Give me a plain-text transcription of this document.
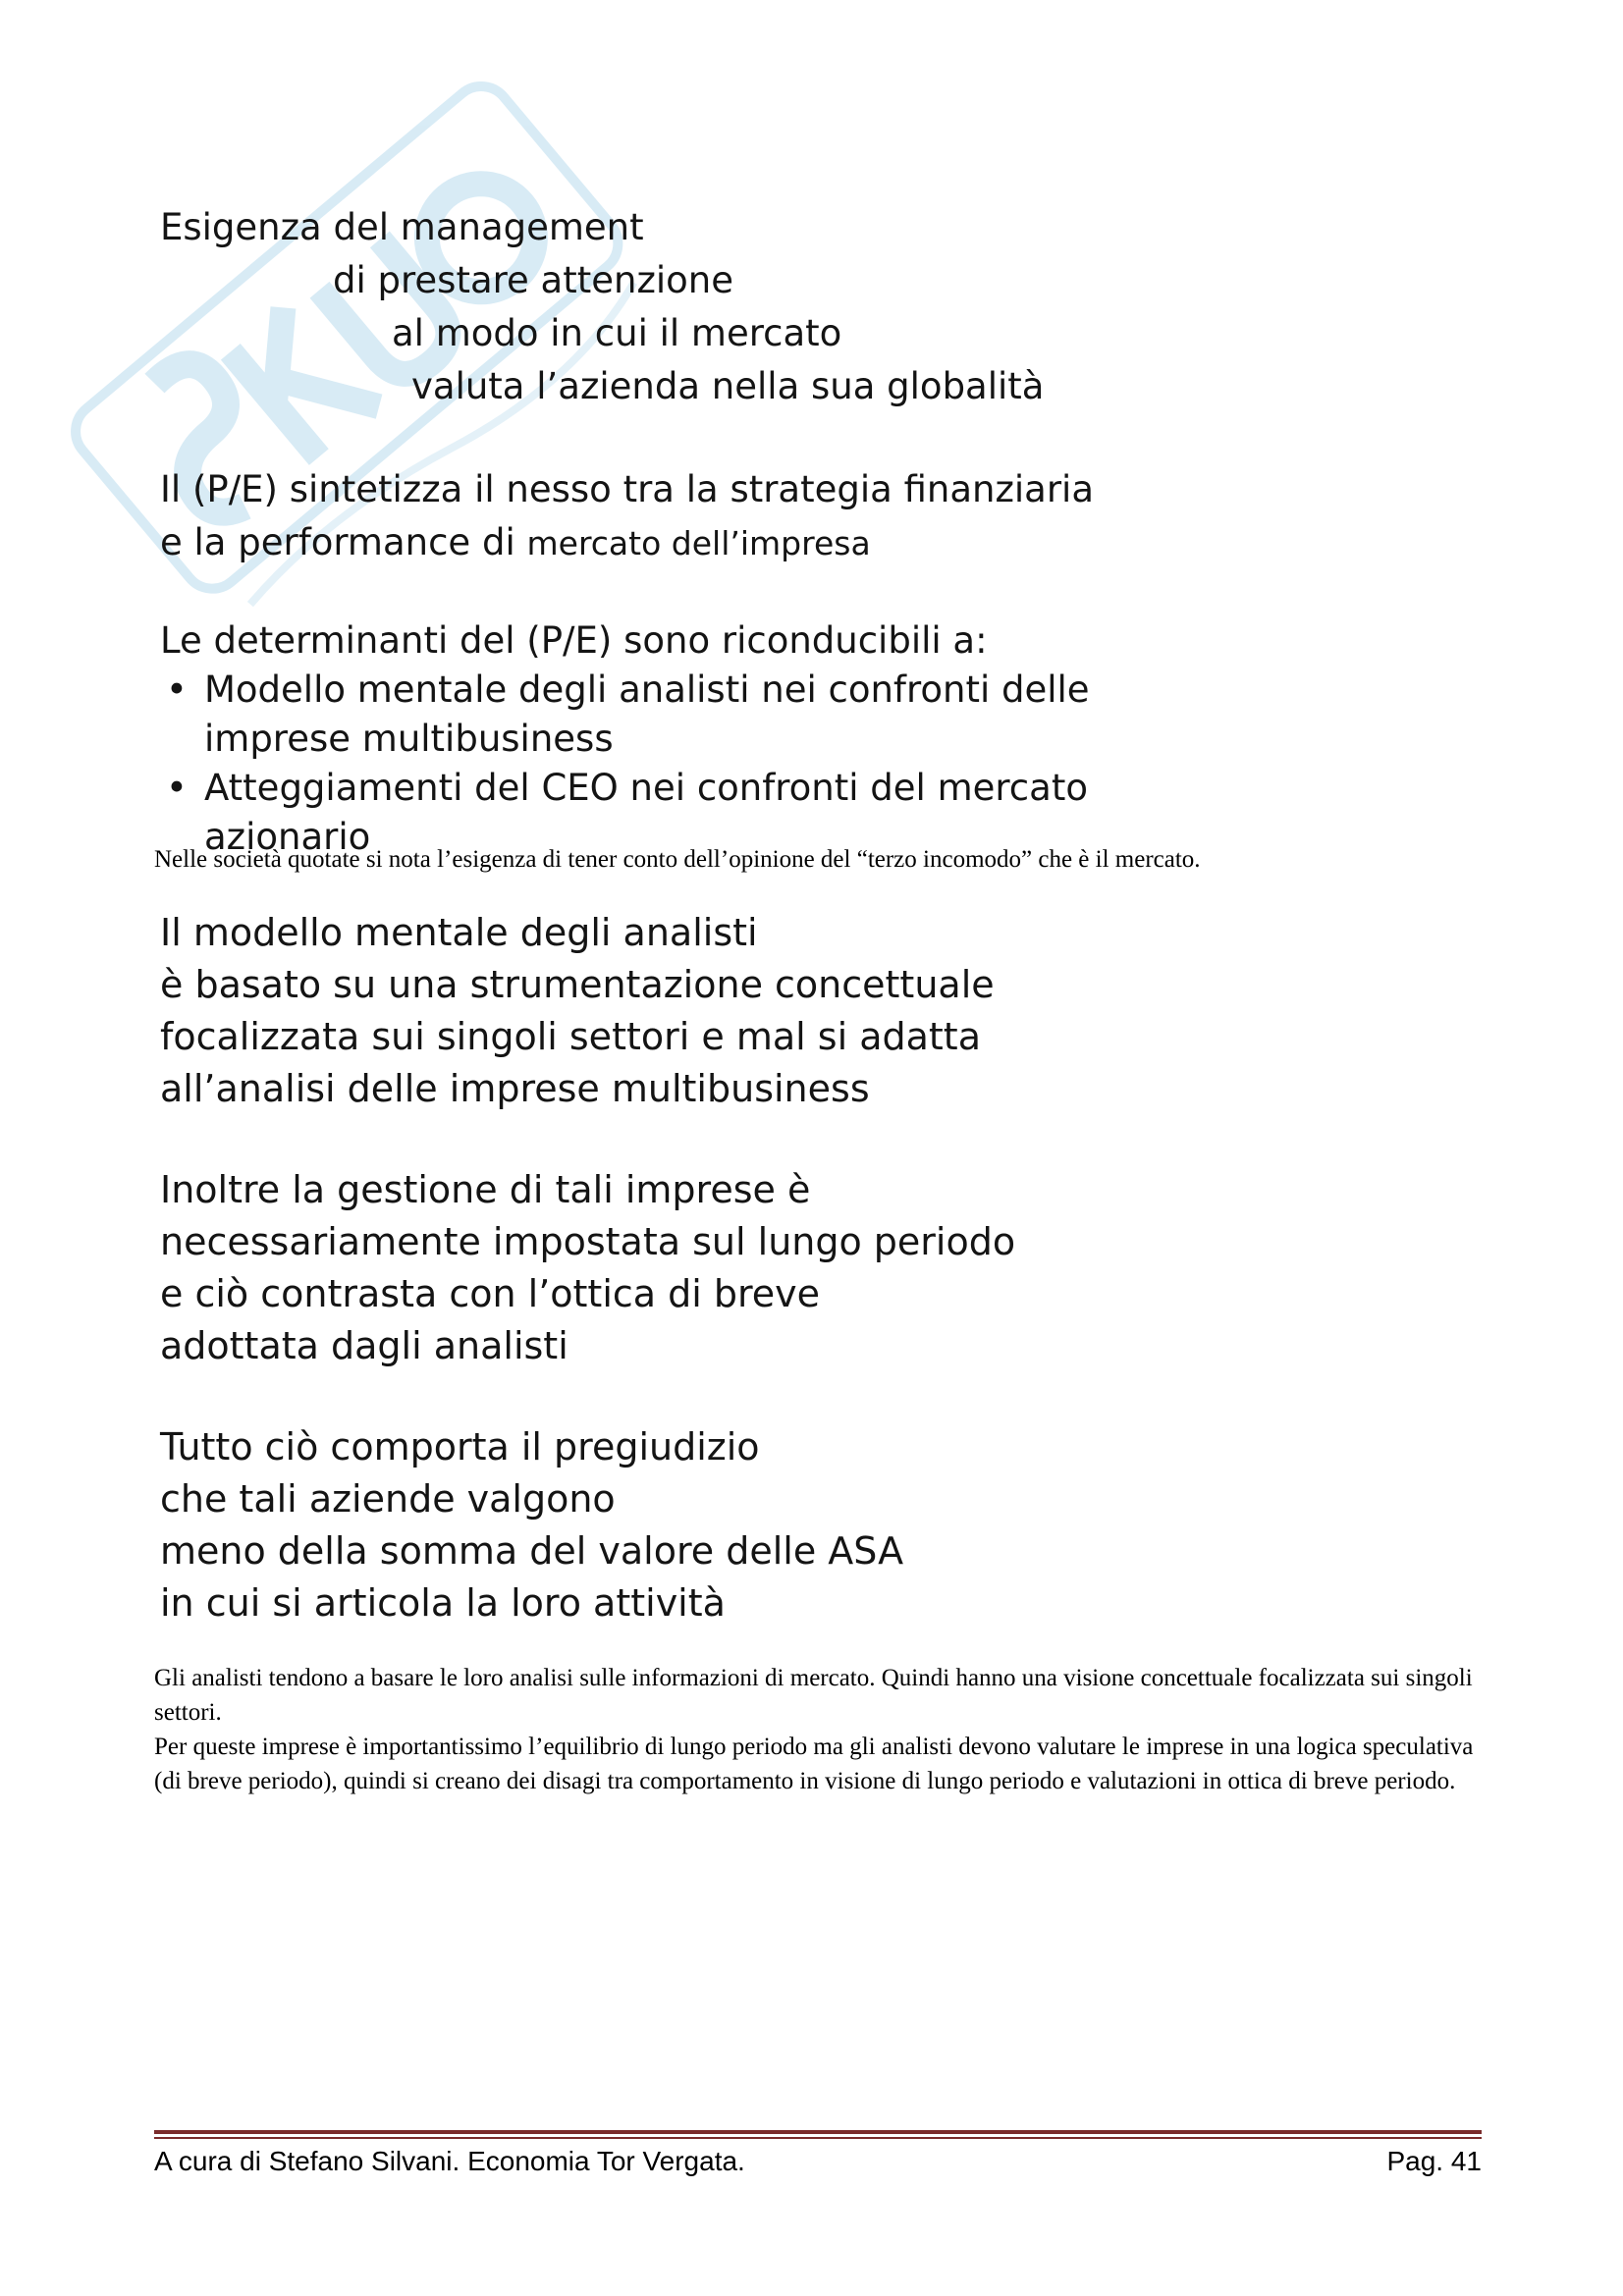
Esigenza del management
di prestare attenzione
al modo in cui il mercato
valuta l’azienda nella sua globalità
Il (P/E) sintetizza il nesso tra la strategia finanziaria
e la performance di mercato dell’impresa
Le determinanti del (P/E) sono riconducibili a:
• Modello mentale degli analisti nei confronti delle imprese multibusiness
• Atteggiamenti del CEO nei confronti del mercato azionario
Nelle società quotate si nota l’esigenza di tener conto dell’opinione del “terzo incomodo” che è il mercato.
Il modello mentale degli analisti
è basato su una strumentazione concettuale
focalizzata sui singoli settori e mal si adatta
all’analisi delle imprese multibusiness
Inoltre la gestione di tali imprese è
necessariamente impostata sul lungo periodo
e ciò contrasta con l’ottica di breve
adottata dagli analisti
Tutto ciò comporta il pregiudizio
che tali aziende valgono
meno della somma del valore delle ASA
in cui si articola la loro attività
Gli analisti tendono a basare le loro analisi sulle informazioni di mercato. Quindi hanno una visione concettuale focalizzata sui singoli settori.
Per queste imprese è importantissimo l’equilibrio di lungo periodo ma gli analisti devono valutare le imprese in una logica speculativa (di breve periodo), quindi si creano dei disagi tra comportamento in visione di lungo periodo e valutazioni in ottica di breve periodo.
A cura di Stefano Silvani. Economia Tor Vergata.	Pag. 41
